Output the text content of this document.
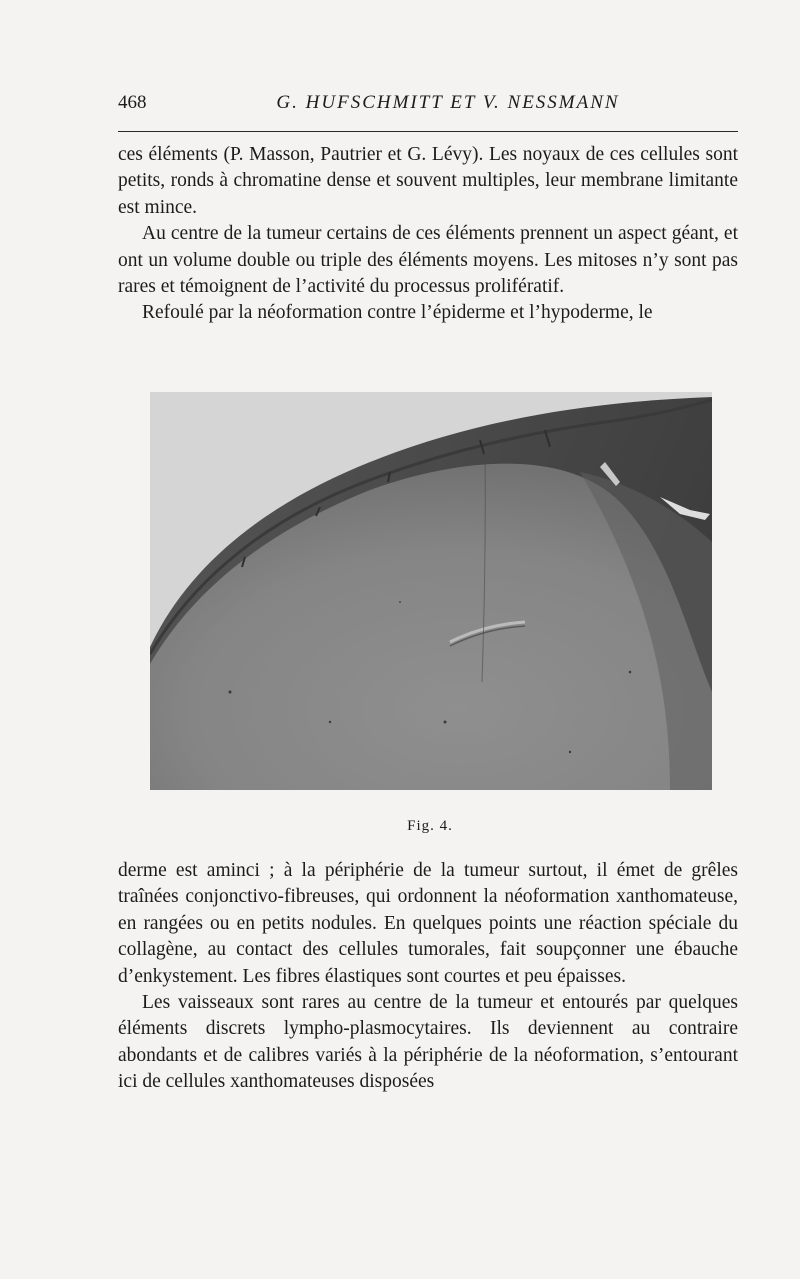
468	G. HUFSCHMITT ET V. NESSMANN

ces éléments (P. Masson, Pautrier et G. Lévy). Les noyaux de ces cellules sont petits, ronds à chromatine dense et souvent multiples, leur membrane limitante est mince.

Au centre de la tumeur certains de ces éléments prennent un aspect géant, et ont un volume double ou triple des éléments moyens. Les mitoses n’y sont pas rares et témoignent de l’activité du processus prolifératif.

Refoulé par la néoformation contre l’épiderme et l’hypoderme, le

Fig. 4.

derme est aminci ; à la périphérie de la tumeur surtout, il émet de grêles traînées conjonctivo-fibreuses, qui ordonnent la néoformation xanthomateuse, en rangées ou en petits nodules. En quelques points une réaction spéciale du collagène, au contact des cellules tumorales, fait soupçonner une ébauche d’enkystement. Les fibres élastiques sont courtes et peu épaisses.

Les vaisseaux sont rares au centre de la tumeur et entourés par quelques éléments discrets lympho-plasmocytaires. Ils deviennent au contraire abondants et de calibres variés à la périphérie de la néoformation, s’entourant ici de cellules xanthomateuses disposées
